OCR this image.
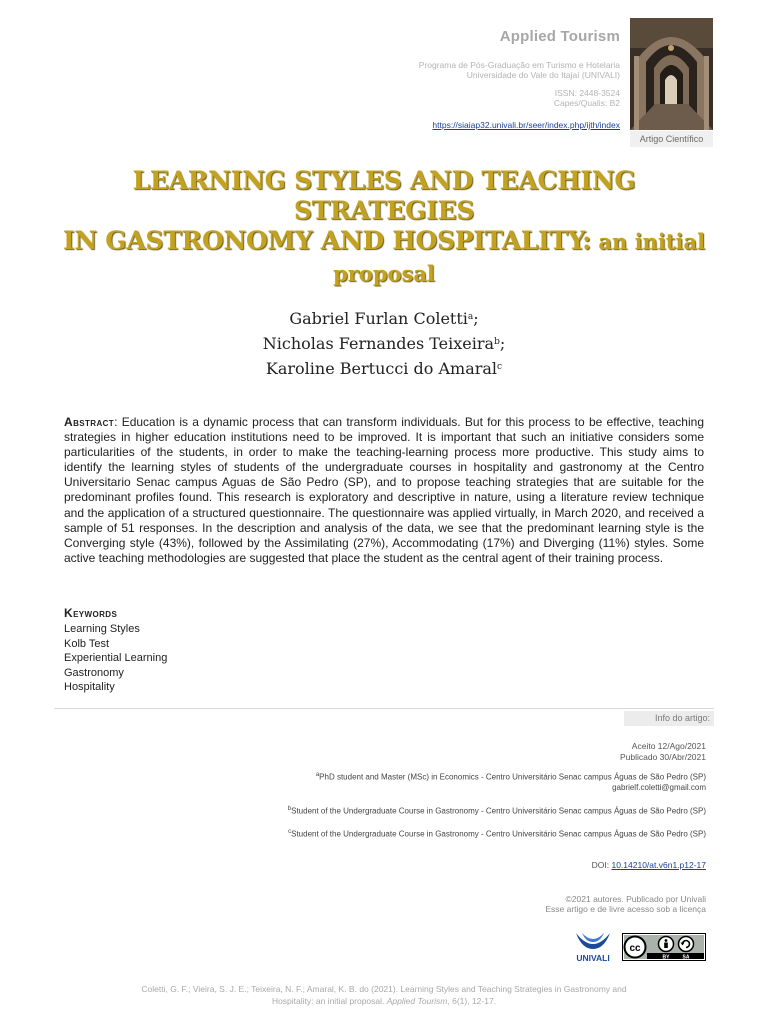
Applied Tourism
Programa de Pós-Graduação em Turismo e Hotelaria
Universidade do Vale do Itajaí (UNIVALI)
ISSN: 2448-3524
Capes/Qualis: B2
https://siaiap32.univali.br/seer/index.php/ijth/index
Artigo Científico
LEARNING STYLES AND TEACHING STRATEGIES
IN GASTRONOMY AND HOSPITALITY: an initial
proposal
Gabriel Furlan Coletti$^a$;
Nicholas Fernandes Teixeira$^b$;
Karoline Bertucci do Amaral$^c$
Abstract: Education is a dynamic process that can transform individuals. But for this process to be effective, teaching strategies in higher education institutions need to be improved. It is important that such an initiative considers some particularities of the students, in order to make the teaching-learning process more productive. This study aims to identify the learning styles of students of the undergraduate courses in hospitality and gastronomy at the Centro Universitario Senac campus Aguas de São Pedro (SP), and to propose teaching strategies that are suitable for the predominant profiles found. This research is exploratory and descriptive in nature, using a literature review technique and the application of a structured questionnaire. The questionnaire was applied virtually, in March 2020, and received a sample of 51 responses. In the description and analysis of the data, we see that the predominant learning style is the Converging style (43%), followed by the Assimilating (27%), Accommodating (17%) and Diverging (11%) styles. Some active teaching methodologies are suggested that place the student as the central agent of their training process.
Keywords
Learning Styles
Kolb Test
Experiential Learning
Gastronomy
Hospitality
Info do artigo:
Aceito 12/Ago/2021
Publicado 30/Abr/2021
$^a$PhD student and Master (MSc) in Economics - Centro Universitário Senac campus Águas de São Pedro (SP)
gabrielf.coletti@gmail.com
$^b$Student of the Undergraduate Course in Gastronomy - Centro Universitário Senac campus Águas de São Pedro (SP)
$^c$Student of the Undergraduate Course in Gastronomy - Centro Universitário Senac campus Águas de São Pedro (SP)
DOI: 10.14210/at.v6n1.p12-17
©2021 autores. Publicado por Univali
Esse artigo e de livre acesso sob a licença
UNIVALI
cc
BY	SA
Coletti, G. F.; Vieira, S. J. E.; Teixeira, N. F.; Amaral, K. B. do (2021). Learning Styles and Teaching Strategies in Gastronomy and
Hospitality: an initial proposal. Applied Tourism, 6(1), 12-17.
